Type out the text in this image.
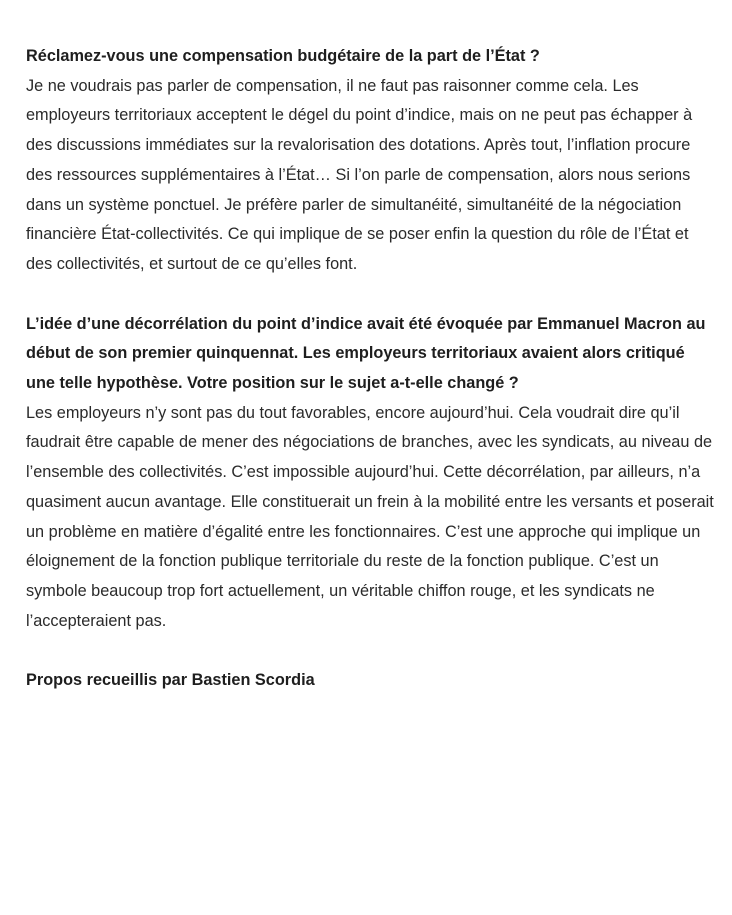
Réclamez-vous une compensation budgétaire de la part de l’État ?

Je ne voudrais pas parler de compensation, il ne faut pas raisonner comme cela. Les employeurs territoriaux acceptent le dégel du point d’indice, mais on ne peut pas échapper à des discussions immédiates sur la revalorisation des dotations. Après tout, l’inflation procure des ressources supplémentaires à l’État… Si l’on parle de compensation, alors nous serions dans un système ponctuel. Je préfère parler de simultanéité, simultanéité de la négociation financière État-collectivités. Ce qui implique de se poser enfin la question du rôle de l’État et des collectivités, et surtout de ce qu’elles font.

L’idée d’une décorrélation du point d’indice avait été évoquée par Emmanuel Macron au début de son premier quinquennat. Les employeurs territoriaux avaient alors critiqué une telle hypothèse. Votre position sur le sujet a-t-elle changé ?

Les employeurs n’y sont pas du tout favorables, encore aujourd’hui. Cela voudrait dire qu’il faudrait être capable de mener des négociations de branches, avec les syndicats, au niveau de l’ensemble des collectivités. C’est impossible aujourd’hui. Cette décorrélation, par ailleurs, n’a quasiment aucun avantage. Elle constituerait un frein à la mobilité entre les versants et poserait un problème en matière d’égalité entre les fonctionnaires. C’est une approche qui implique un éloignement de la fonction publique territoriale du reste de la fonction publique. C’est un symbole beaucoup trop fort actuellement, un véritable chiffon rouge, et les syndicats ne l’accepteraient pas.

Propos recueillis par Bastien Scordia
